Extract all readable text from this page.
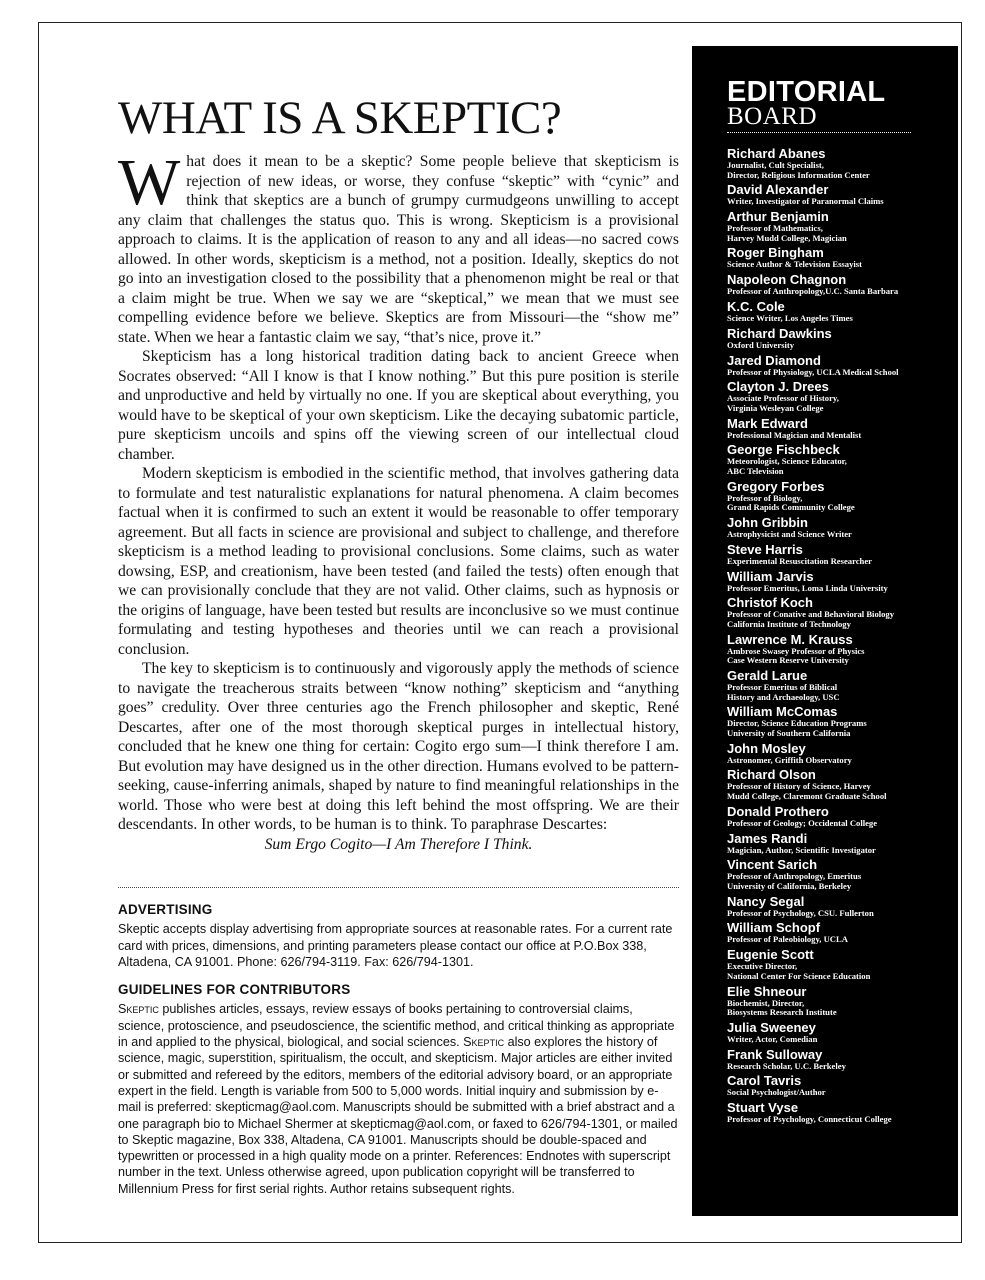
WHAT IS A SKEPTIC?

What does it mean to be a skeptic? Some people believe that skepticism is rejection of new ideas, or worse, they confuse “skeptic” with “cynic” and think that skeptics are a bunch of grumpy curmudgeons unwilling to accept any claim that challenges the status quo. This is wrong. Skepticism is a provisional approach to claims. It is the application of reason to any and all ideas—no sacred cows allowed. In other words, skepticism is a method, not a position. Ideally, skeptics do not go into an investigation closed to the possibility that a phenomenon might be real or that a claim might be true. When we say we are “skeptical,” we mean that we must see compelling evidence before we believe. Skeptics are from Missouri—the “show me” state. When we hear a fantastic claim we say, “that’s nice, prove it.”

Skepticism has a long historical tradition dating back to ancient Greece when Socrates observed: “All I know is that I know nothing.” But this pure position is sterile and unproductive and held by virtually no one. If you are skeptical about everything, you would have to be skeptical of your own skepticism. Like the decaying subatomic particle, pure skepticism uncoils and spins off the viewing screen of our intellectual cloud chamber.

Modern skepticism is embodied in the scientific method, that involves gathering data to formulate and test naturalistic explanations for natural phenomena. A claim becomes factual when it is confirmed to such an extent it would be reasonable to offer temporary agreement. But all facts in science are provisional and subject to challenge, and therefore skepticism is a method leading to provisional conclusions. Some claims, such as water dowsing, ESP, and creationism, have been tested (and failed the tests) often enough that we can provisionally conclude that they are not valid. Other claims, such as hypnosis or the origins of language, have been tested but results are inconclusive so we must continue formulating and testing hypotheses and theories until we can reach a provisional conclusion.

The key to skepticism is to continuously and vigorously apply the methods of science to navigate the treacherous straits between “know nothing” skepticism and “anything goes” credulity. Over three centuries ago the French philosopher and skeptic, René Descartes, after one of the most thorough skeptical purges in intellectual history, concluded that he knew one thing for certain: Cogito ergo sum—I think therefore I am. But evolution may have designed us in the other direction. Humans evolved to be pattern-seeking, cause-inferring animals, shaped by nature to find meaningful relationships in the world. Those who were best at doing this left behind the most offspring. We are their descendants. In other words, to be human is to think. To paraphrase Descartes:

Sum Ergo Cogito—I Am Therefore I Think.

ADVERTISING

Skeptic accepts display advertising from appropriate sources at reasonable rates. For a current rate card with prices, dimensions, and printing parameters please contact our office at P.O.Box 338, Altadena, CA 91001. Phone: 626/794-3119. Fax: 626/794-1301.

GUIDELINES FOR CONTRIBUTORS

Skeptic publishes articles, essays, review essays of books pertaining to controversial claims, science, protoscience, and pseudoscience, the scientific method, and critical thinking as appropriate in and applied to the physical, biological, and social sciences. Skeptic also explores the history of science, magic, superstition, spiritualism, the occult, and skepticism. Major articles are either invited or submitted and refereed by the editors, members of the editorial advisory board, or an appropriate expert in the field. Length is variable from 500 to 5,000 words. Initial inquiry and submission by e-mail is preferred: skepticmag@aol.com. Manuscripts should be submitted with a brief abstract and a one paragraph bio to Michael Shermer at skepticmag@aol.com, or faxed to 626/794-1301, or mailed to Skeptic magazine, Box 338, Altadena, CA 91001. Manuscripts should be double-spaced and typewritten or processed in a high quality mode on a printer. References: Endnotes with superscript number in the text. Unless otherwise agreed, upon publication copyright will be transferred to Millennium Press for first serial rights. Author retains subsequent rights.

EDITORIAL
BOARD
Richard Abanes
Journalist, Cult Specialist,
Director, Religious Information Center
David Alexander
Writer, Investigator of Paranormal Claims
Arthur Benjamin
Professor of Mathematics,
Harvey Mudd College, Magician
Roger Bingham
Science Author & Television Essayist
Napoleon Chagnon
Professor of Anthropology,U.C. Santa Barbara
K.C. Cole
Science Writer, Los Angeles Times
Richard Dawkins
Oxford University
Jared Diamond
Professor of Physiology, UCLA Medical School
Clayton J. Drees
Associate Professor of History,
Virginia Wesleyan College
Mark Edward
Professional Magician and Mentalist
George Fischbeck
Meteorologist, Science Educator,
ABC Television
Gregory Forbes
Professor of Biology,
Grand Rapids Community College
John Gribbin
Astrophysicist and Science Writer
Steve Harris
Experimental Resuscitation Researcher
William Jarvis
Professor Emeritus, Loma Linda University
Christof Koch
Professor of Conative and Behavioral Biology
California Institute of Technology
Lawrence M. Krauss
Ambrose Swasey Professor of Physics
Case Western Reserve University
Gerald Larue
Professor Emeritus of Biblical
History and Archaeology, USC
William McComas
Director, Science Education Programs
University of Southern California
John Mosley
Astronomer, Griffith Observatory
Richard Olson
Professor of History of Science, Harvey
Mudd College, Claremont Graduate School
Donald Prothero
Professor of Geology; Occidental College
James Randi
Magician, Author, Scientific Investigator
Vincent Sarich
Professor of Anthropology, Emeritus
University of California, Berkeley
Nancy Segal
Professor of Psychology, CSU. Fullerton
William Schopf
Professor of Paleobiology, UCLA
Eugenie Scott
Executive Director,
National Center For Science Education
Elie Shneour
Biochemist, Director,
Biosystems Research Institute
Julia Sweeney
Writer, Actor, Comedian
Frank Sulloway
Research Scholar, U.C. Berkeley
Carol Tavris
Social Psychologist/Author
Stuart Vyse
Professor of Psychology, Connecticut College
